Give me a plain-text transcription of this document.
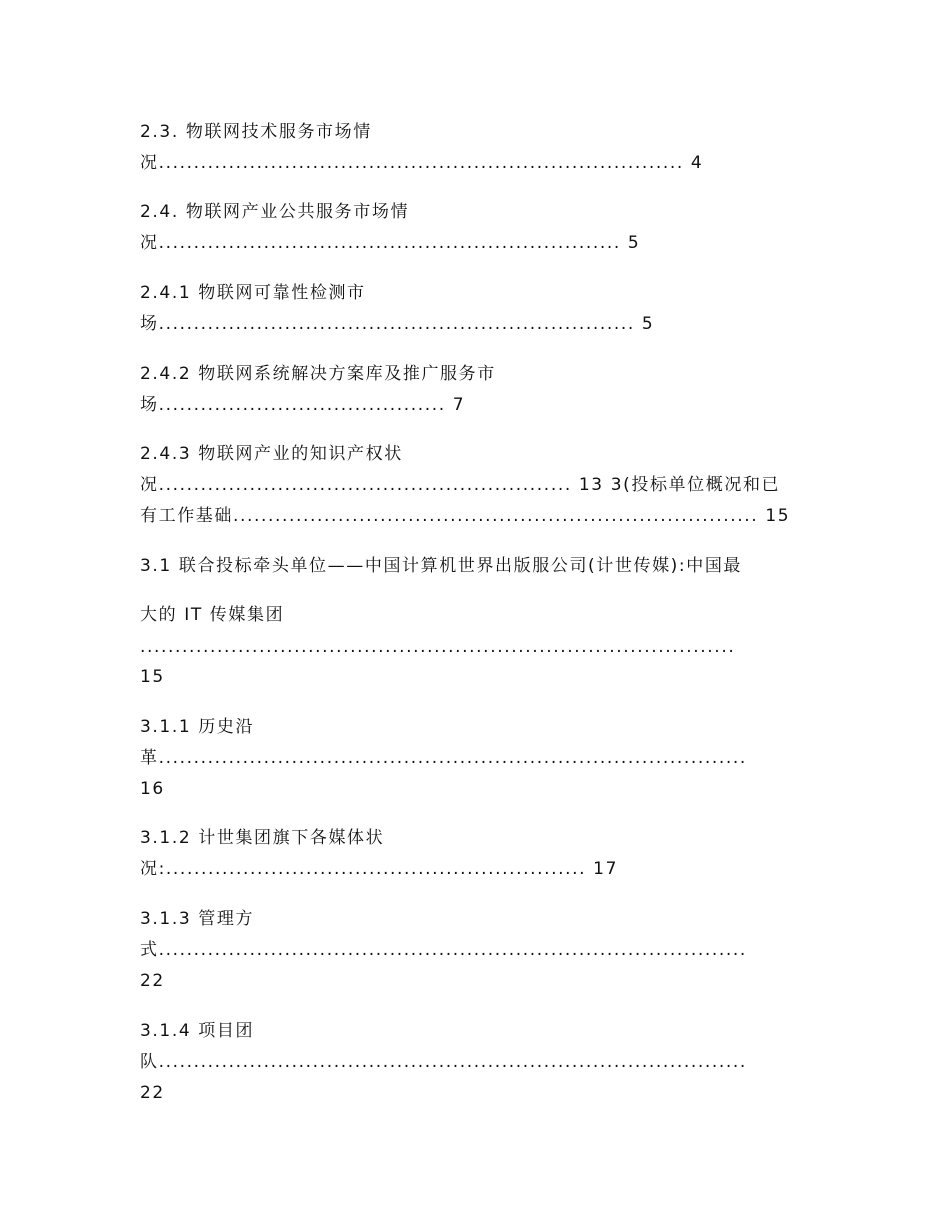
2.3. 物联网技术服务市场情
况........................................................................... 4
2.4. 物联网产业公共服务市场情
况.................................................................. 5
2.4.1 物联网可靠性检测市
场.................................................................... 5
2.4.2 物联网系统解决方案库及推广服务市
场......................................... 7
2.4.3 物联网产业的知识产权状
况........................................................... 13 3(投标单位概况和已
有工作基础........................................................................... 15
3.1 联合投标牵头单位——中国计算机世界出版服公司(计世传媒):中国最
大的 IT 传媒集团
.....................................................................................
15
3.1.1 历史沿
革....................................................................................
16
3.1.2 计世集团旗下各媒体状
况:............................................................ 17
3.1.3 管理方
式....................................................................................
22
3.1.4 项目团
队....................................................................................
22
